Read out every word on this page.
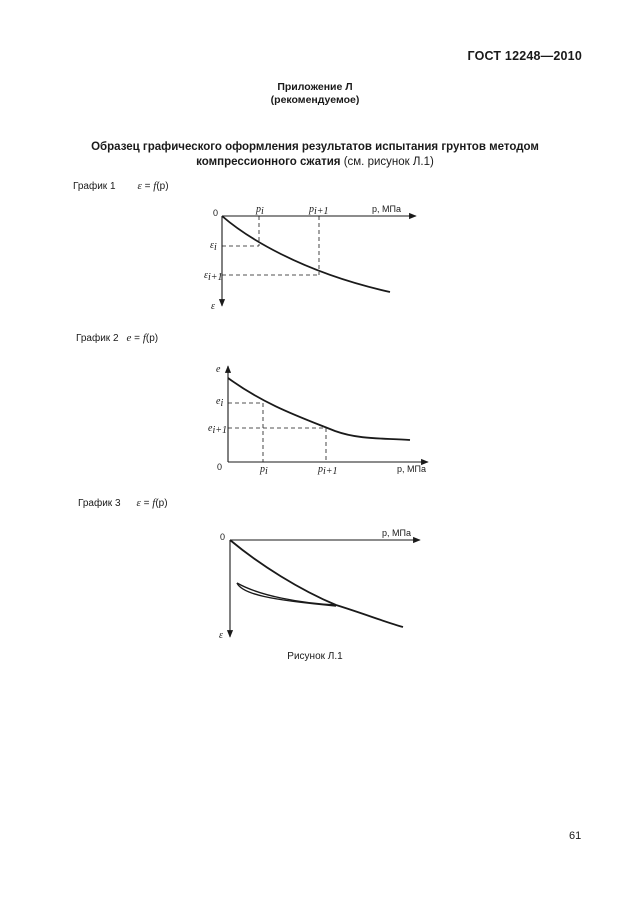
ГОСТ 12248—2010
Приложение Л
(рекомендуемое)
Образец графического оформления результатов испытания грунтов методом
компрессионного сжатия (см. рисунок Л.1)
График 1 ε = f(p)
График 2 e = f(p)
График 3 ε = f(p)
0	pi	pi+1	p, МПа
εi
εi+1
ε
e
ei
ei+1
0	pi	pi+1	p, МПа
0	p, МПа
ε
Рисунок Л.1
61
